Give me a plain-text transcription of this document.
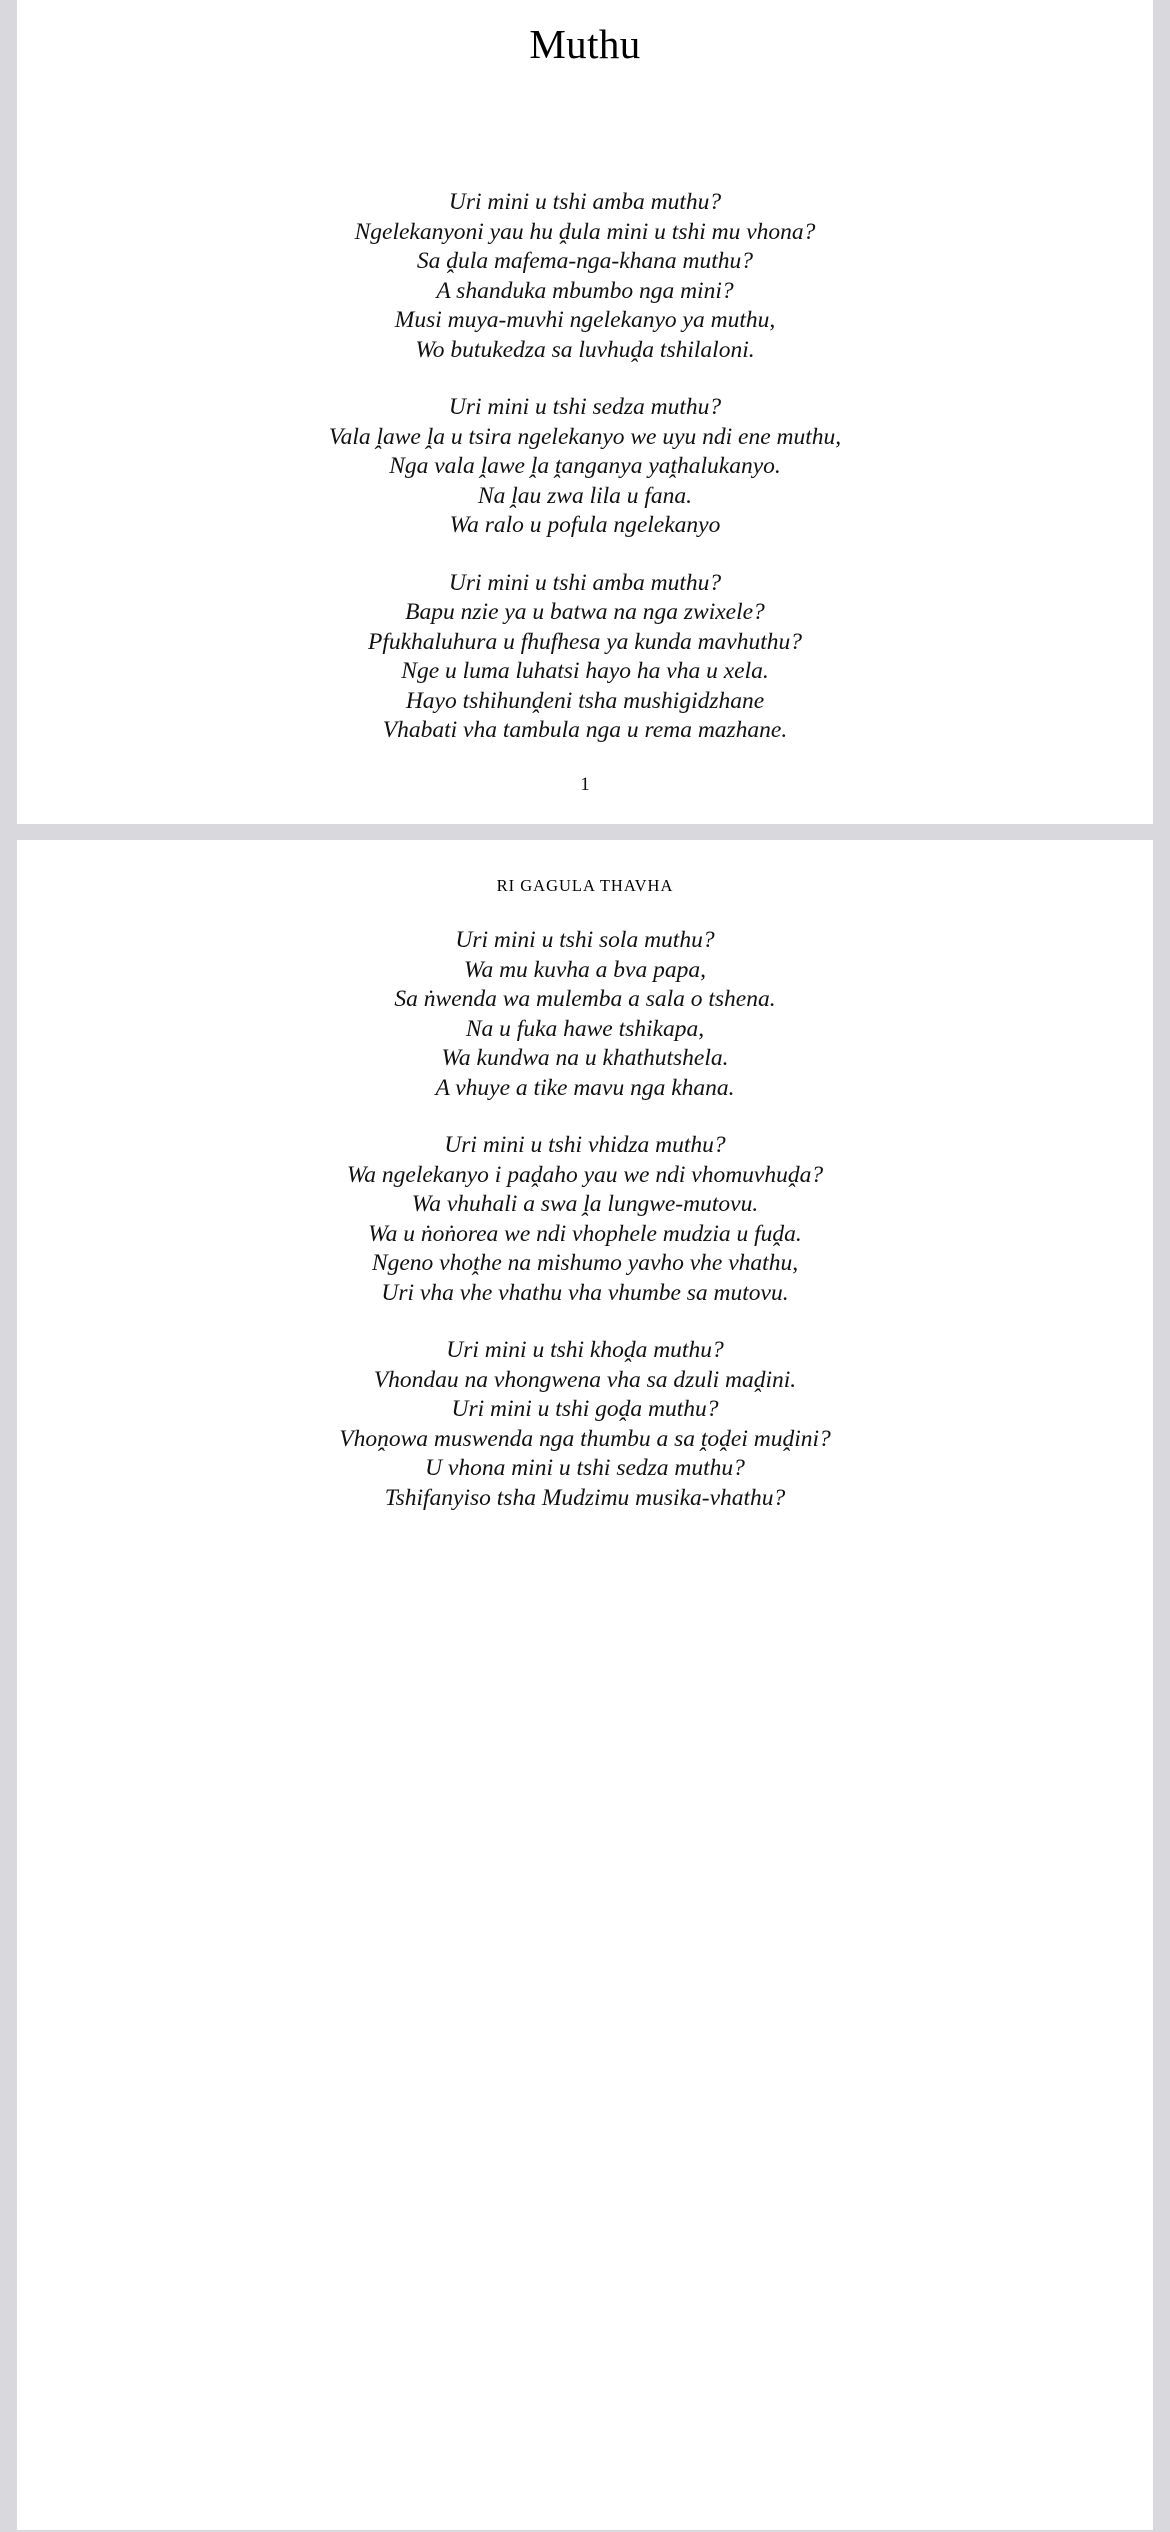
Muthu
Uri mini u tshi amba muthu?
Ngelekanyoni yau hu ḓula mini u tshi mu vhona?
Sa ḓula mafema-nga-khana muthu?
A shanduka mbumbo nga mini?
Musi muya-muvhi ngelekanyo ya muthu,
Wo butukedza sa luvhuḓa tshilaloni.
Uri mini u tshi sedza muthu?
Vala ḽawe ḽa u tsira ngelekanyo we uyu ndi ene muthu,
Nga vala ḽawe ḽa ṱanganya yaṱhalukanyo.
Na ḽau zwa lila u fana.
Wa ralo u pofula ngelekanyo
Uri mini u tshi amba muthu?
Bapu nzie ya u batwa na nga zwixele?
Pfukhaluhura u fhufhesa ya kunda mavhuthu?
Nge u luma luhatsi hayo ha vha u xela.
Hayo tshihunḓeni tsha mushigidzhane
Vhabati vha tambula nga u rema mazhane.
1
RI GAGULA THAVHA
Uri mini u tshi sola muthu?
Wa mu kuvha a bva papa,
Sa ṅwenda wa mulemba a sala o tshena.
Na u fuka hawe tshikapa,
Wa kundwa na u khathutshela.
A vhuye a tike mavu nga khana.
Uri mini u tshi vhidza muthu?
Wa ngelekanyo i paḓaho yau we ndi vhomuvhuḓa?
Wa vhuhali a swa ḽa lungwe-mutovu.
Wa u ṅoṅorea we ndi vhophele mudzia u fuḓa.
Ngeno vhoṱhe na mishumo yavho vhe vhathu,
Uri vha vhe vhathu vha vhumbe sa mutovu.
Uri mini u tshi khoḓa muthu?
Vhondau na vhongwena vha sa dzuli maḓini.
Uri mini u tshi goḓa muthu?
Vhoṋowa muswenda nga thumbu a sa ṱoḓei muḓini?
U vhona mini u tshi sedza muthu?
Tshifanyiso tsha Mudzimu musika-vhathu?
